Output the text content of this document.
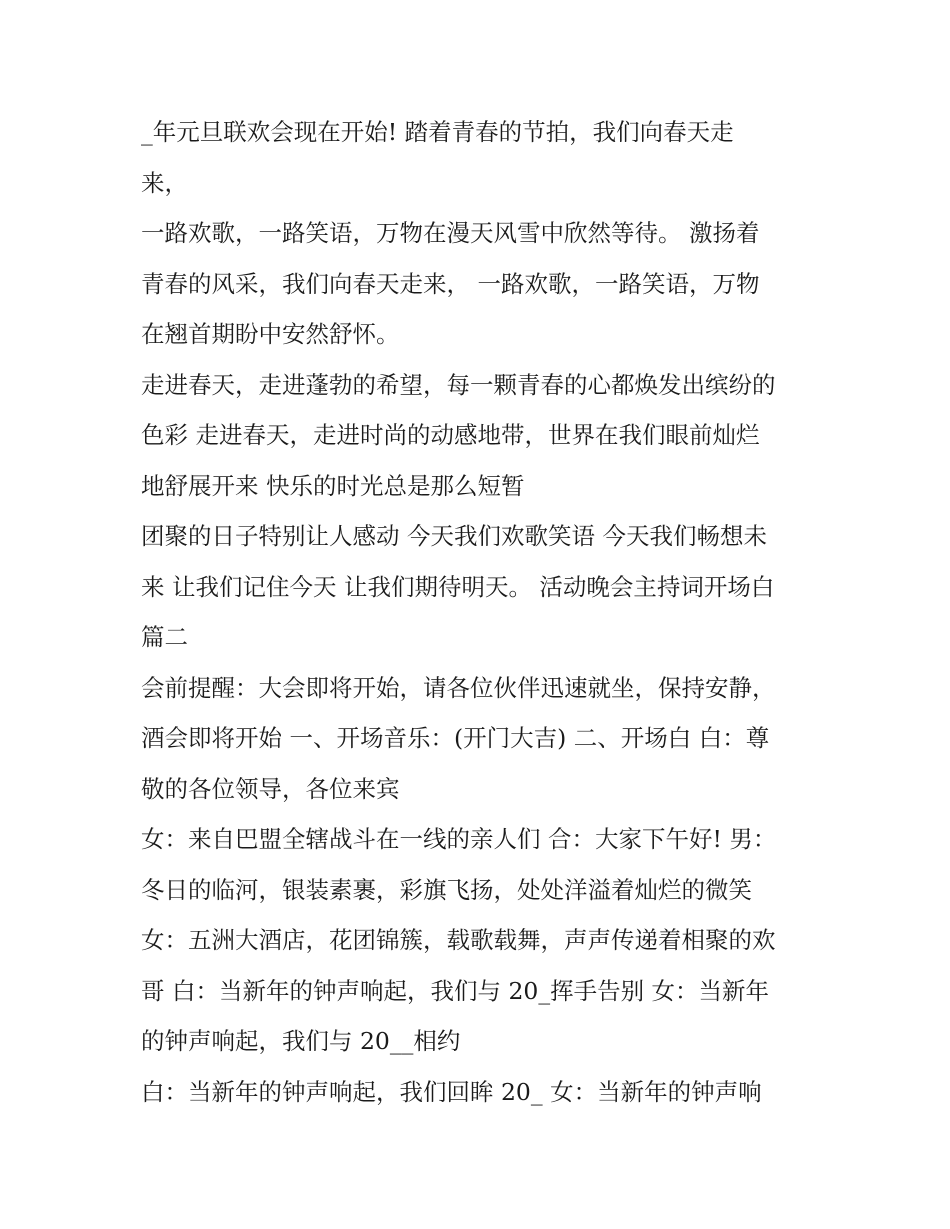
_年元旦联欢会现在开始! 踏着青春的节拍，我们向春天走
来，
一路欢歌，一路笑语，万物在漫天风雪中欣然等待。 激扬着
青春的风采，我们向春天走来， 一路欢歌，一路笑语，万物
在翘首期盼中安然舒怀。
走进春天，走进蓬勃的希望，每一颗青春的心都焕发出缤纷的
色彩 走进春天，走进时尚的动感地带，世界在我们眼前灿烂
地舒展开来 快乐的时光总是那么短暂
团聚的日子特别让人感动 今天我们欢歌笑语 今天我们畅想未
来 让我们记住今天 让我们期待明天。 活动晚会主持词开场白
篇二
会前提醒：大会即将开始，请各位伙伴迅速就坐，保持安静，
酒会即将开始 一、开场音乐：(开门大吉) 二、开场白 白：尊
敬的各位领导，各位来宾
女：来自巴盟全辖战斗在一线的亲人们 合：大家下午好! 男：
冬日的临河，银装素裹，彩旗飞扬，处处洋溢着灿烂的微笑
女：五洲大酒店，花团锦簇，载歌载舞，声声传递着相聚的欢
哥 白：当新年的钟声响起，我们与 20_挥手告别 女：当新年
的钟声响起，我们与 20__相约
白：当新年的钟声响起，我们回眸 20_ 女：当新年的钟声响
